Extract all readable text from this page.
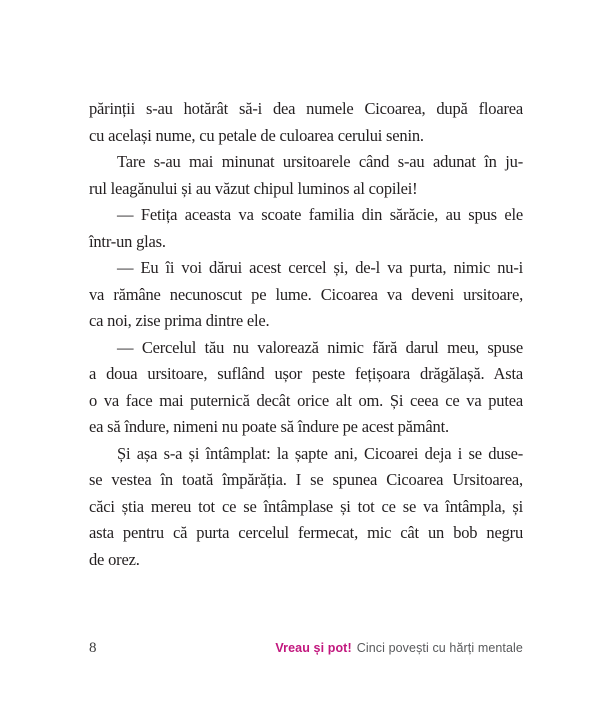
părinții s-au hotărât să-i dea numele Cicoarea, după floarea
cu același nume, cu petale de culoarea cerului senin.
Tare s-au mai minunat ursitoarele când s-au adunat în ju-
rul leagănului și au văzut chipul luminos al copilei!
— Fetița aceasta va scoate familia din sărăcie, au spus ele
într-un glas.
— Eu îi voi dărui acest cercel și, de-l va purta, nimic nu-i
va rămâne necunoscut pe lume. Cicoarea va deveni ursitoare,
ca noi, zise prima dintre ele.
— Cercelul tău nu valorează nimic fără darul meu, spuse
a doua ursitoare, suflând ușor peste fețișoara drăgălașă. Asta
o va face mai puternică decât orice alt om. Și ceea ce va putea
ea să îndure, nimeni nu poate să îndure pe acest pământ.
Și așa s-a și întâmplat: la șapte ani, Cicoarei deja i se duse-
se vestea în toată împărăția. I se spunea Cicoarea Ursitoarea,
căci știa mereu tot ce se întâmplase și tot ce se va întâmpla, și
asta pentru că purta cercelul fermecat, mic cât un bob negru
de orez.
8	Vreau și pot! Cinci povești cu hărți mentale
